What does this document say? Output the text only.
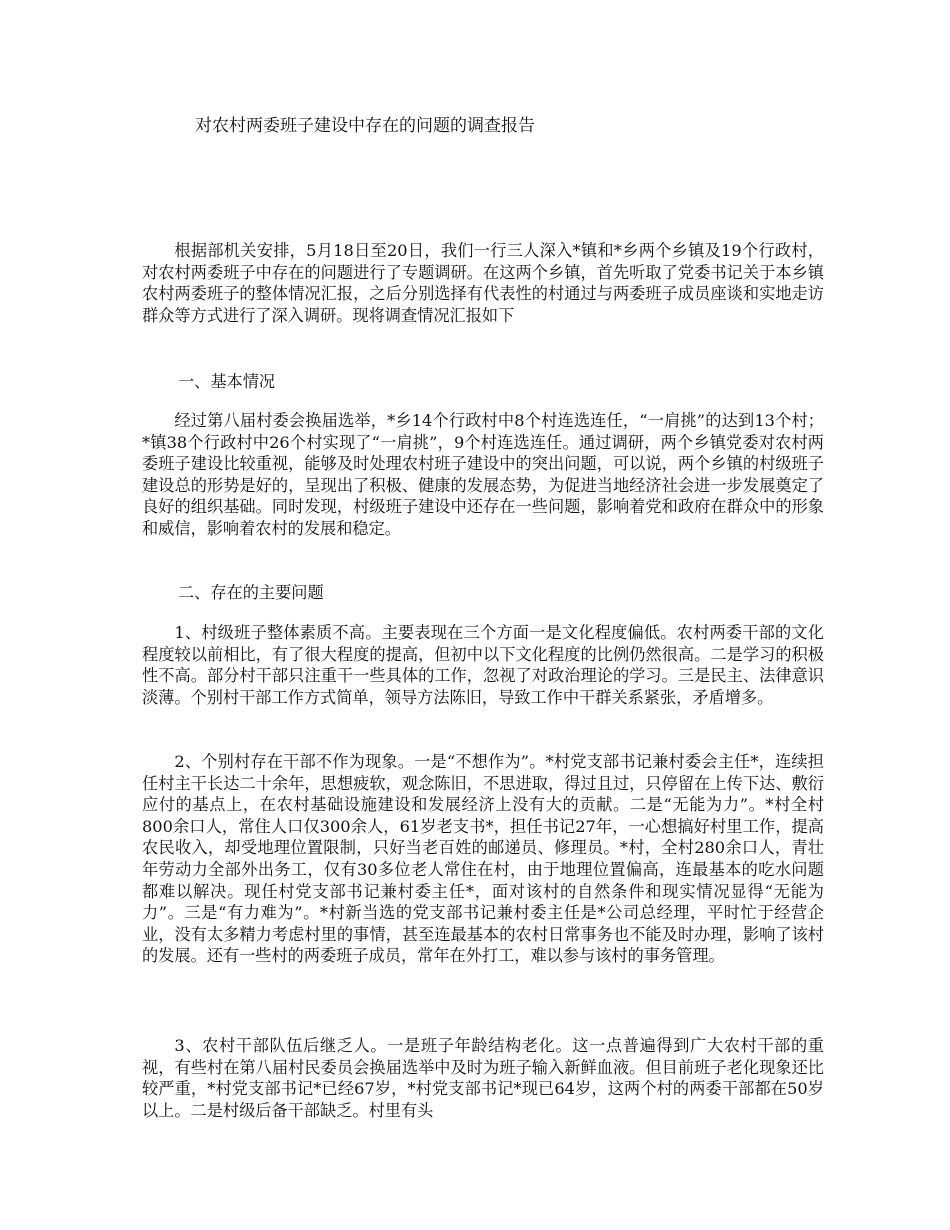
对农村两委班子建设中存在的问题的调查报告

根据部机关安排，5月18日至20日，我们一行三人深入*镇和*乡两个乡镇及19个行政村，对农村两委班子中存在的问题进行了专题调研。在这两个乡镇，首先听取了党委书记关于本乡镇农村两委班子的整体情况汇报，之后分别选择有代表性的村通过与两委班子成员座谈和实地走访群众等方式进行了深入调研。现将调查情况汇报如下

一、基本情况

经过第八届村委会换届选举，*乡14个行政村中8个村连选连任，“一肩挑”的达到13个村；*镇38个行政村中26个村实现了“一肩挑”，9个村连选连任。通过调研，两个乡镇党委对农村两委班子建设比较重视，能够及时处理农村班子建设中的突出问题，可以说，两个乡镇的村级班子建设总的形势是好的，呈现出了积极、健康的发展态势，为促进当地经济社会进一步发展奠定了良好的组织基础。同时发现，村级班子建设中还存在一些问题，影响着党和政府在群众中的形象和威信，影响着农村的发展和稳定。

二、存在的主要问题

1、村级班子整体素质不高。主要表现在三个方面一是文化程度偏低。农村两委干部的文化程度较以前相比，有了很大程度的提高，但初中以下文化程度的比例仍然很高。二是学习的积极性不高。部分村干部只注重干一些具体的工作，忽视了对政治理论的学习。三是民主、法律意识淡薄。个别村干部工作方式简单，领导方法陈旧，导致工作中干群关系紧张，矛盾增多。

2、个别村存在干部不作为现象。一是“不想作为”。*村党支部书记兼村委会主任*，连续担任村主干长达二十余年，思想疲软，观念陈旧，不思进取，得过且过，只停留在上传下达、敷衍应付的基点上，在农村基础设施建设和发展经济上没有大的贡献。二是“无能为力”。*村全村800余口人，常住人口仅300余人，61岁老支书*，担任书记27年，一心想搞好村里工作，提高农民收入，却受地理位置限制，只好当老百姓的邮递员、修理员。*村，全村280余口人，青壮年劳动力全部外出务工，仅有30多位老人常住在村，由于地理位置偏高，连最基本的吃水问题都难以解决。现任村党支部书记兼村委主任*，面对该村的自然条件和现实情况显得“无能为力”。三是“有力难为”。*村新当选的党支部书记兼村委主任是*公司总经理，平时忙于经营企业，没有太多精力考虑村里的事情，甚至连最基本的农村日常事务也不能及时办理，影响了该村的发展。还有一些村的两委班子成员，常年在外打工，难以参与该村的事务管理。

3、农村干部队伍后继乏人。一是班子年龄结构老化。这一点普遍得到广大农村干部的重视，有些村在第八届村民委员会换届选举中及时为班子输入新鲜血液。但目前班子老化现象还比较严重，*村党支部书记*已经67岁，*村党支部书记*现已64岁，这两个村的两委干部都在50岁以上。二是村级后备干部缺乏。村里有头
